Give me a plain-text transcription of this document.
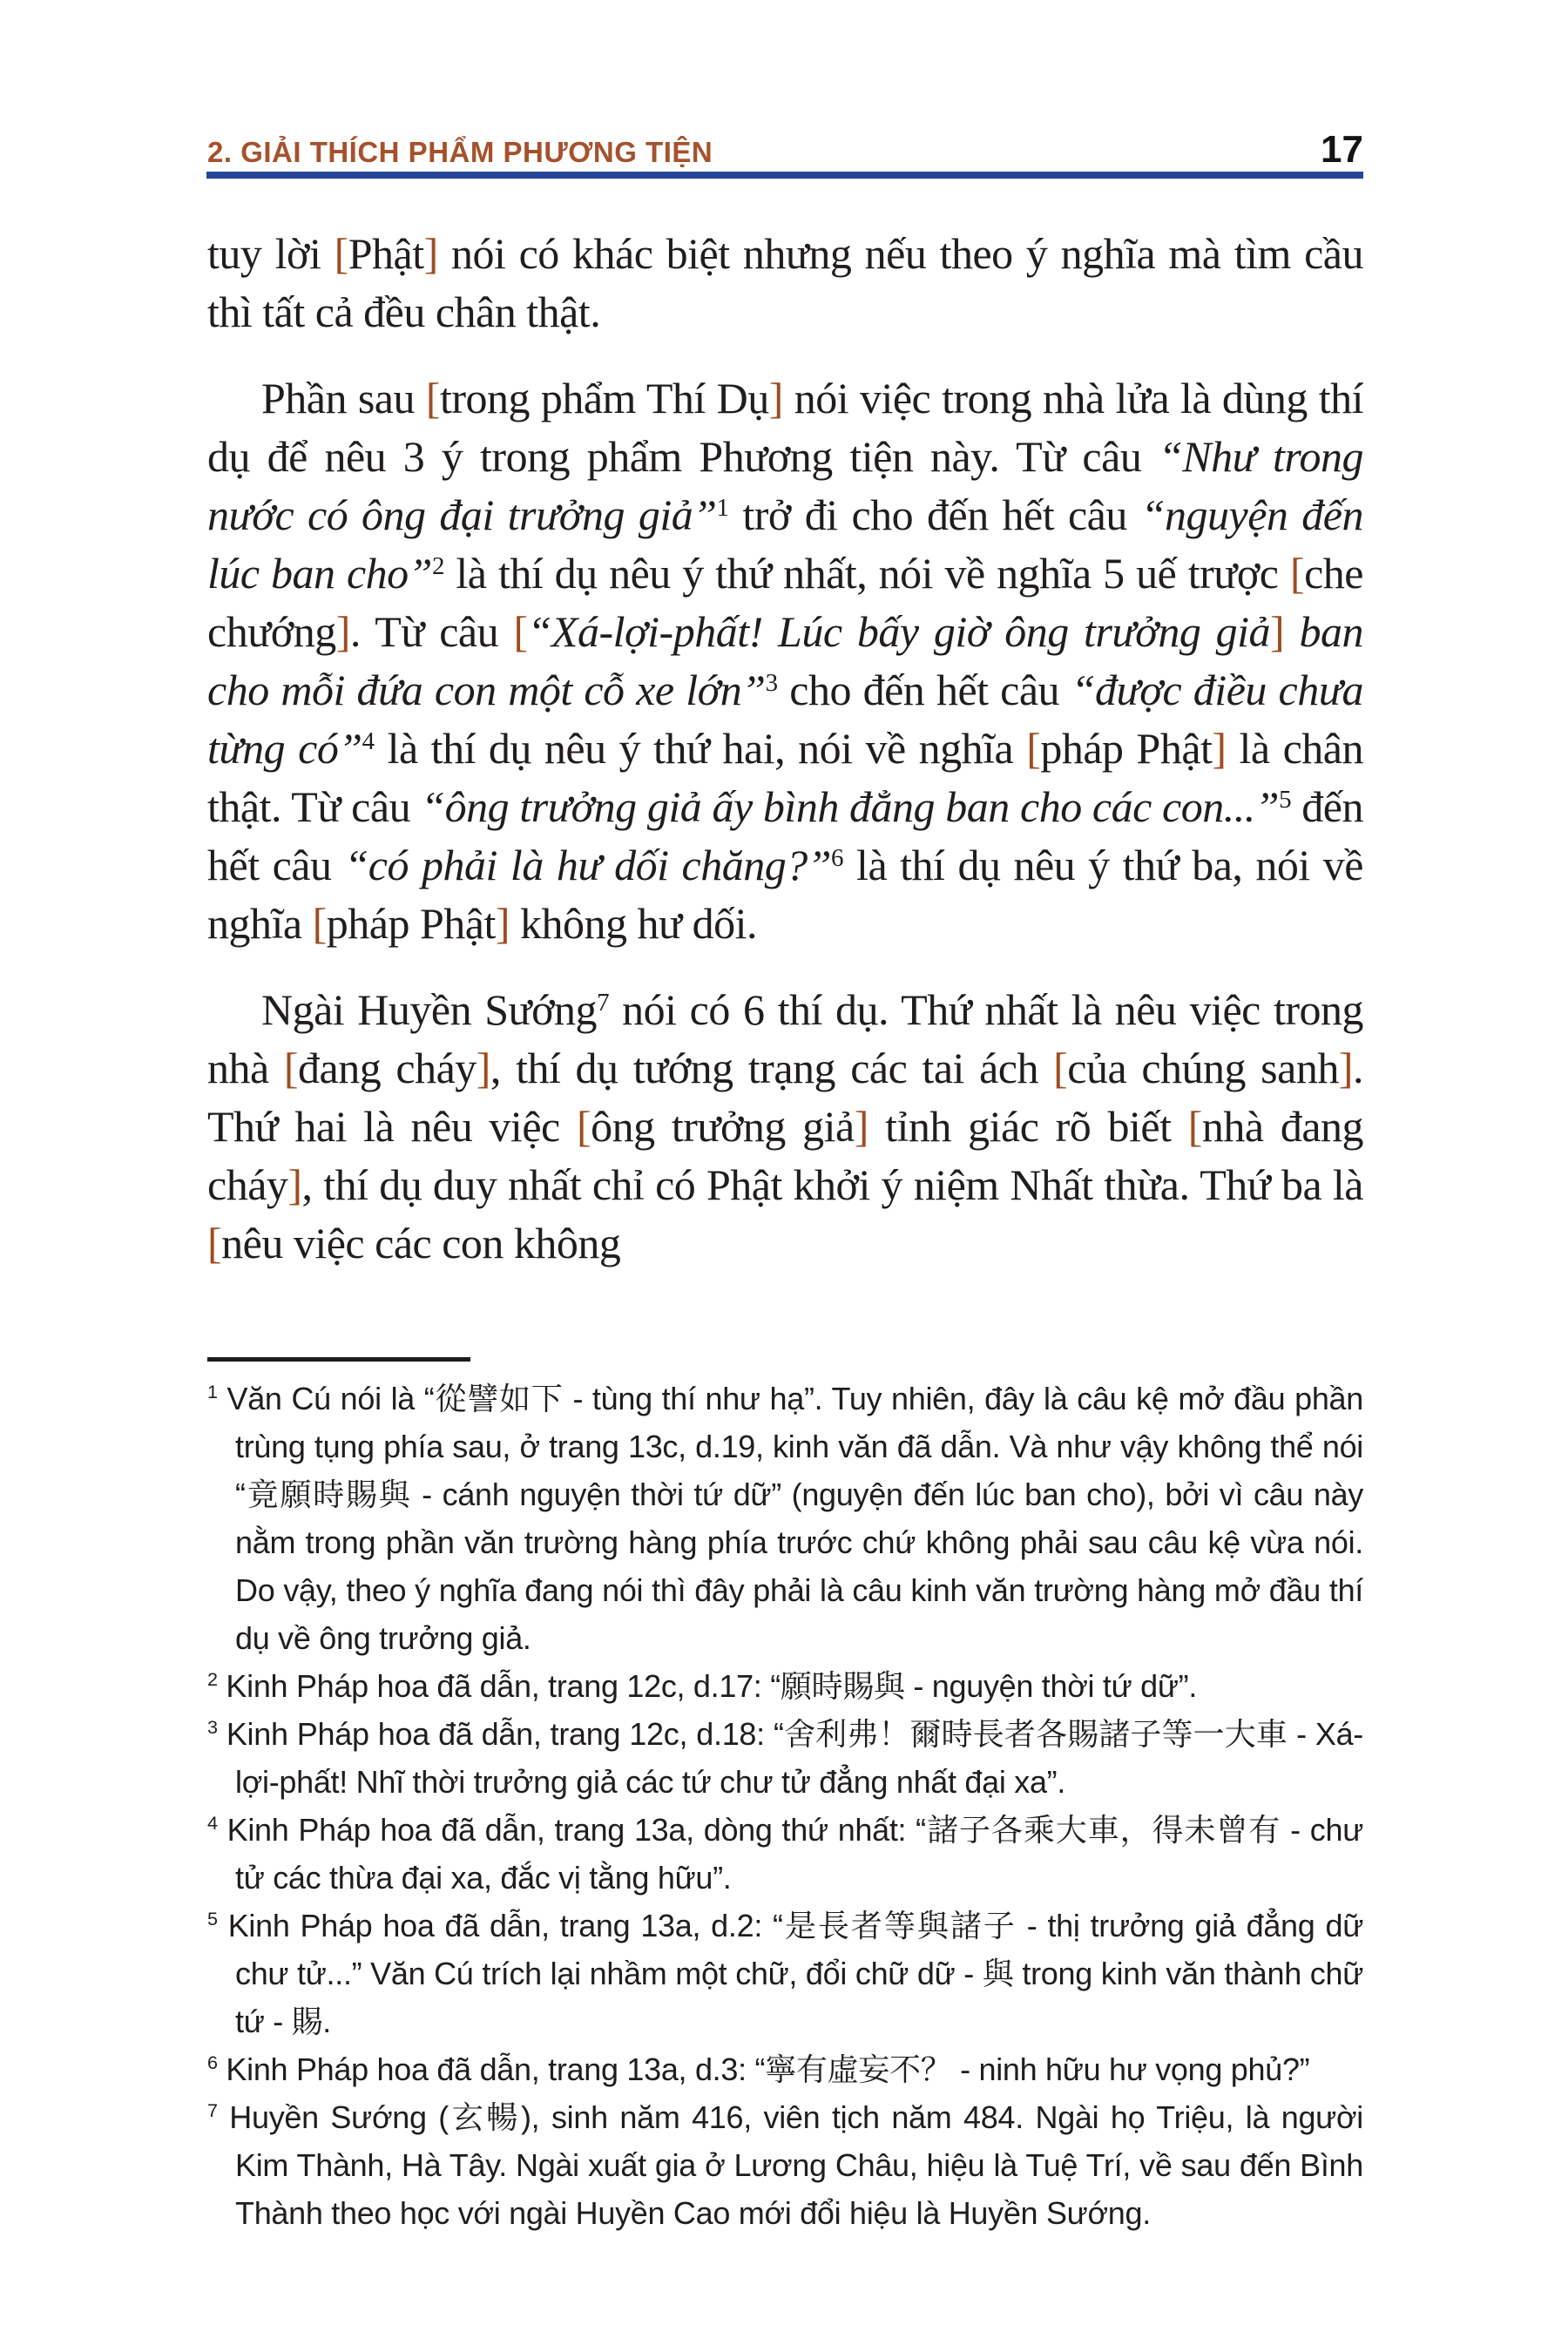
2. GIẢI THÍCH PHẨM PHƯƠNG TIỆN	17

tuy lời [Phật] nói có khác biệt nhưng nếu theo ý nghĩa mà tìm cầu thì tất cả đều chân thật.

Phần sau [trong phẩm Thí Dụ] nói việc trong nhà lửa là dùng thí dụ để nêu 3 ý trong phẩm Phương tiện này. Từ câu “Như trong nước có ông đại trưởng giả”$^1$ trở đi cho đến hết câu “nguyện đến lúc ban cho”$^2$ là thí dụ nêu ý thứ nhất, nói về nghĩa 5 uế trược [che chướng]. Từ câu [“Xá-lợi-phất! Lúc bấy giờ ông trưởng giả] ban cho mỗi đứa con một cỗ xe lớn”$^3$ cho đến hết câu “được điều chưa từng có”$^4$ là thí dụ nêu ý thứ hai, nói về nghĩa [pháp Phật] là chân thật. Từ câu “ông trưởng giả ấy bình đẳng ban cho các con...”$^5$ đến hết câu “có phải là hư dối chăng?”$^6$ là thí dụ nêu ý thứ ba, nói về nghĩa [pháp Phật] không hư dối.

Ngài Huyền Sướng$^7$ nói có 6 thí dụ. Thứ nhất là nêu việc trong nhà [đang cháy], thí dụ tướng trạng các tai ách [của chúng sanh]. Thứ hai là nêu việc [ông trưởng giả] tỉnh giác rõ biết [nhà đang cháy], thí dụ duy nhất chỉ có Phật khởi ý niệm Nhất thừa. Thứ ba là [nêu việc các con không

$^1$ Văn Cú nói là “從譬如下 - tùng thí như hạ”. Tuy nhiên, đây là câu kệ mở đầu phần trùng tụng phía sau, ở trang 13c, d.19, kinh văn đã dẫn. Và như vậy không thể nói “竟願時賜與 - cánh nguyện thời tứ dữ” (nguyện đến lúc ban cho), bởi vì câu này nằm trong phần văn trường hàng phía trước chứ không phải sau câu kệ vừa nói. Do vậy, theo ý nghĩa đang nói thì đây phải là câu kinh văn trường hàng mở đầu thí dụ về ông trưởng giả.

$^2$ Kinh Pháp hoa đã dẫn, trang 12c, d.17: “願時賜與 - nguyện thời tứ dữ”.

$^3$ Kinh Pháp hoa đã dẫn, trang 12c, d.18: “舍利弗！爾時長者各賜諸子等一大車 - Xá-lợi-phất! Nhĩ thời trưởng giả các tứ chư tử đẳng nhất đại xa”.

$^4$ Kinh Pháp hoa đã dẫn, trang 13a, dòng thứ nhất: “諸子各乘大車，得未曾有 - chư tử các thừa đại xa, đắc vị tằng hữu”.

$^5$ Kinh Pháp hoa đã dẫn, trang 13a, d.2: “是長者等與諸子 - thị trưởng giả đẳng dữ chư tử...” Văn Cú trích lại nhầm một chữ, đổi chữ dữ - 與 trong kinh văn thành chữ tứ - 賜.

$^6$ Kinh Pháp hoa đã dẫn, trang 13a, d.3: “寧有虛妄不？ - ninh hữu hư vọng phủ?”

$^7$ Huyền Sướng (玄暢), sinh năm 416, viên tịch năm 484. Ngài họ Triệu, là người Kim Thành, Hà Tây. Ngài xuất gia ở Lương Châu, hiệu là Tuệ Trí, về sau đến Bình Thành theo học với ngài Huyền Cao mới đổi hiệu là Huyền Sướng.
